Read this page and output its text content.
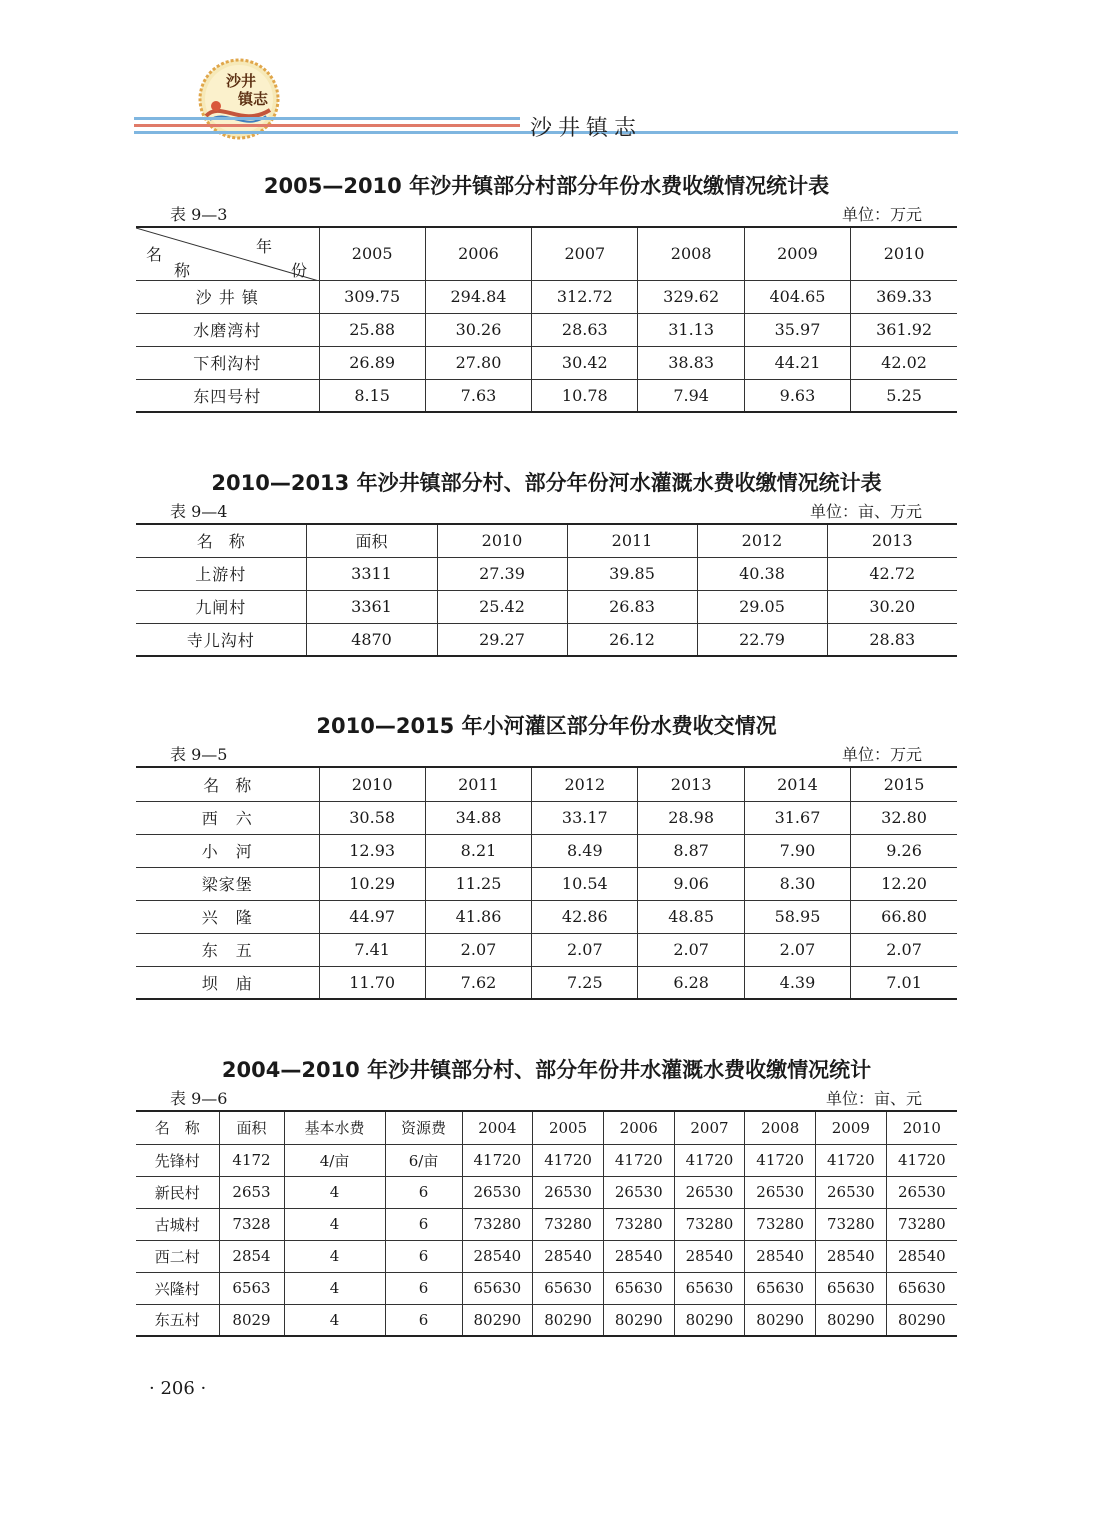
沙井
镇志
沙井镇志
2005—2010 年沙井镇部分村部分年份水费收缴情况统计表
表 9—3	单位：万元
年
名
称 份	2005	2006	2007	2008	2009	2010
沙 井 镇	309.75	294.84	312.72	329.62	404.65	369.33
水磨湾村	25.88	30.26	28.63	31.13	35.97	361.92
下利沟村	26.89	27.80	30.42	38.83	44.21	42.02
东四号村	8.15	7.63	10.78	7.94	9.63	5.25
2010—2013 年沙井镇部分村、部分年份河水灌溉水费收缴情况统计表
表 9—4	单位：亩、万元
名　称	面积	2010	2011	2012	2013
上游村	3311	27.39	39.85	40.38	42.72
九闸村	3361	25.42	26.83	29.05	30.20
寺儿沟村	4870	29.27	26.12	22.79	28.83
2010—2015 年小河灌区部分年份水费收交情况
表 9—5	单位：万元
名　称	2010	2011	2012	2013	2014	2015
西　六	30.58	34.88	33.17	28.98	31.67	32.80
小　河	12.93	8.21	8.49	8.87	7.90	9.26
梁家堡	10.29	11.25	10.54	9.06	8.30	12.20
兴　隆	44.97	41.86	42.86	48.85	58.95	66.80
东　五	7.41	2.07	2.07	2.07	2.07	2.07
坝　庙	11.70	7.62	7.25	6.28	4.39	7.01
2004—2010 年沙井镇部分村、部分年份井水灌溉水费收缴情况统计
表 9—6	单位：亩、元
名　称	面积	基本水费	资源费	2004	2005	2006	2007	2008	2009	2010
先锋村	4172	4/亩	6/亩	41720	41720	41720	41720	41720	41720	41720
新民村	2653	4	6	26530	26530	26530	26530	26530	26530	26530
古城村	7328	4	6	73280	73280	73280	73280	73280	73280	73280
西二村	2854	4	6	28540	28540	28540	28540	28540	28540	28540
兴隆村	6563	4	6	65630	65630	65630	65630	65630	65630	65630
东五村	8029	4	6	80290	80290	80290	80290	80290	80290	80290
· 206 ·
